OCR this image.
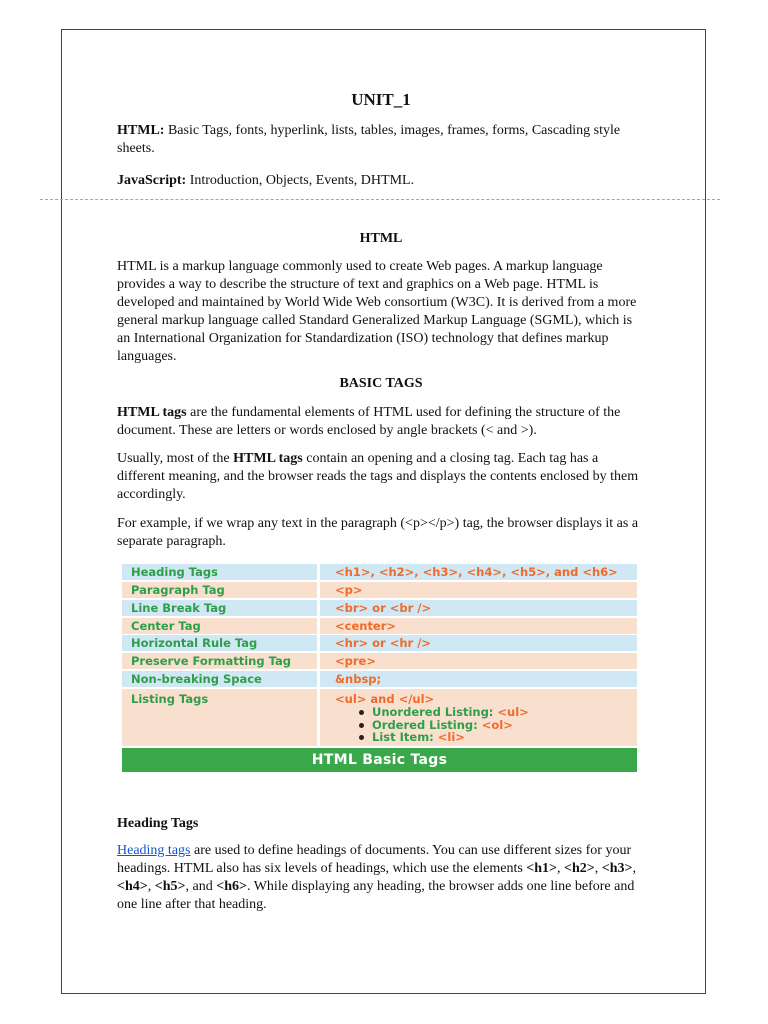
UNIT_1

HTML: Basic Tags, fonts, hyperlink, lists, tables, images, frames, forms, Cascading style sheets.

JavaScript: Introduction, Objects, Events, DHTML.

HTML

HTML is a markup language commonly used to create Web pages. A markup language provides a way to describe the structure of text and graphics on a Web page. HTML is developed and maintained by World Wide Web consortium (W3C). It is derived from a more general markup language called Standard Generalized Markup Language (SGML), which is an International Organization for Standardization (ISO) technology that defines markup languages.

BASIC TAGS

HTML tags are the fundamental elements of HTML used for defining the structure of the document. These are letters or words enclosed by angle brackets (< and >).

Usually, most of the HTML tags contain an opening and a closing tag. Each tag has a different meaning, and the browser reads the tags and displays the contents enclosed by them accordingly.

For example, if we wrap any text in the paragraph (<p></p>) tag, the browser displays it as a separate paragraph.

Heading Tags

Heading tags are used to define headings of documents. You can use different sizes for your headings. HTML also has six levels of headings, which use the elements <h1>, <h2>, <h3>, <h4>, <h5>, and <h6>. While displaying any heading, the browser adds one line before and one line after that heading.

Heading Tags	<h1>, <h2>, <h3>, <h4>, <h5>, and <h6>
Paragraph Tag	<p>
Line Break Tag	<br> or <br />
Center Tag	<center>
Horizontal Rule Tag	<hr> or <hr />
Preserve Formatting Tag	<pre>
Non-breaking Space	&nbsp;
Listing Tags	<ul> and </ul>
Unordered Listing: <ul>
Ordered Listing: <ol>
List Item: <li>
HTML Basic Tags
